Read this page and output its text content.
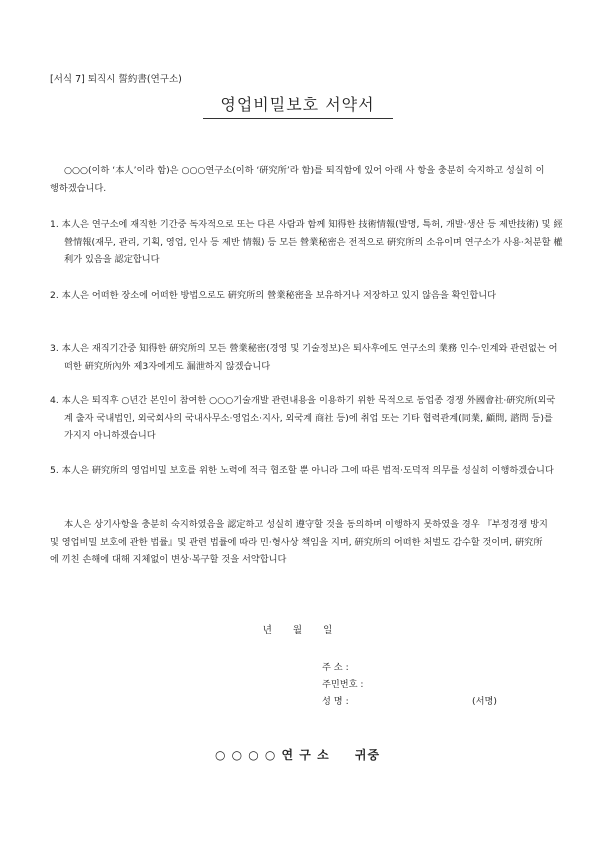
[서식 7] 퇴직시 誓約書(연구소)
영업비밀보호 서약서
○○○(이하 ‘本人’이라 함)은 ○○○연구소(이하 ‘硏究所’라 함)를 퇴직함에 있어 아래 사 항을 충분히 숙지하고 성실히 이행하겠습니다.
1. 本人은 연구소에 재직한 기간중 독자적으로 또는 다른 사람과 함께 知得한 技術情報(발명, 특허, 개발·생산 등 제반技術) 및 經營情報(재무, 관리, 기획, 영업, 인사 등 제반 情報) 등 모든 營業秘密은 전적으로 硏究所의 소유이며 연구소가 사용·처분할 權利가 있음을 認定합니다
2. 本人은 어떠한 장소에 어떠한 방법으로도 硏究所의 營業秘密을 보유하거나 저장하고 있지 않음을 확인합니다
3. 本人은 재직기간중 知得한 硏究所의 모든 營業秘密(경영 및 기술정보)은 퇴사후에도 연구소의 業務 인수·인계와 관련없는 어떠한 硏究所內外 제3자에게도 漏泄하지 않겠습니다
4. 本人은 퇴직후 ○년간 본인이 참여한 ○○○기술개발 관련내용을 이용하기 위한 목적으로 동업종 경쟁 外國會社·硏究所(외국계 출자 국내법인, 외국회사의 국내사무소·영업소·지사, 외국계 商社 등)에 취업 또는 기타 협력관계(同業, 顧問, 諮問 등)를 가지지 아니하겠습니다
5. 本人은 硏究所의 영업비밀 보호를 위한 노력에 적극 협조할 뿐 아니라 그에 따른 법적·도덕적 의무를 성실히 이행하겠습니다
本人은 상기사항을 충분히 숙지하였음을 認定하고 성실히 遵守할 것을 동의하며 이행하지 못하였을 경우 『부정경쟁 방지 및 영업비밀 보호에 관한 법률』및 관련 법률에 따라 민·형사상 책임을 지며, 硏究所의 어떠한 처벌도 감수할 것이며, 硏究所에 끼친 손해에 대해 지체없이 변상·복구할 것을 서약합니다
년 월 일
주 소 :
주민번호 :
성 명 :	(서명)
○ ○ ○ ○ 연 구 소 귀중
